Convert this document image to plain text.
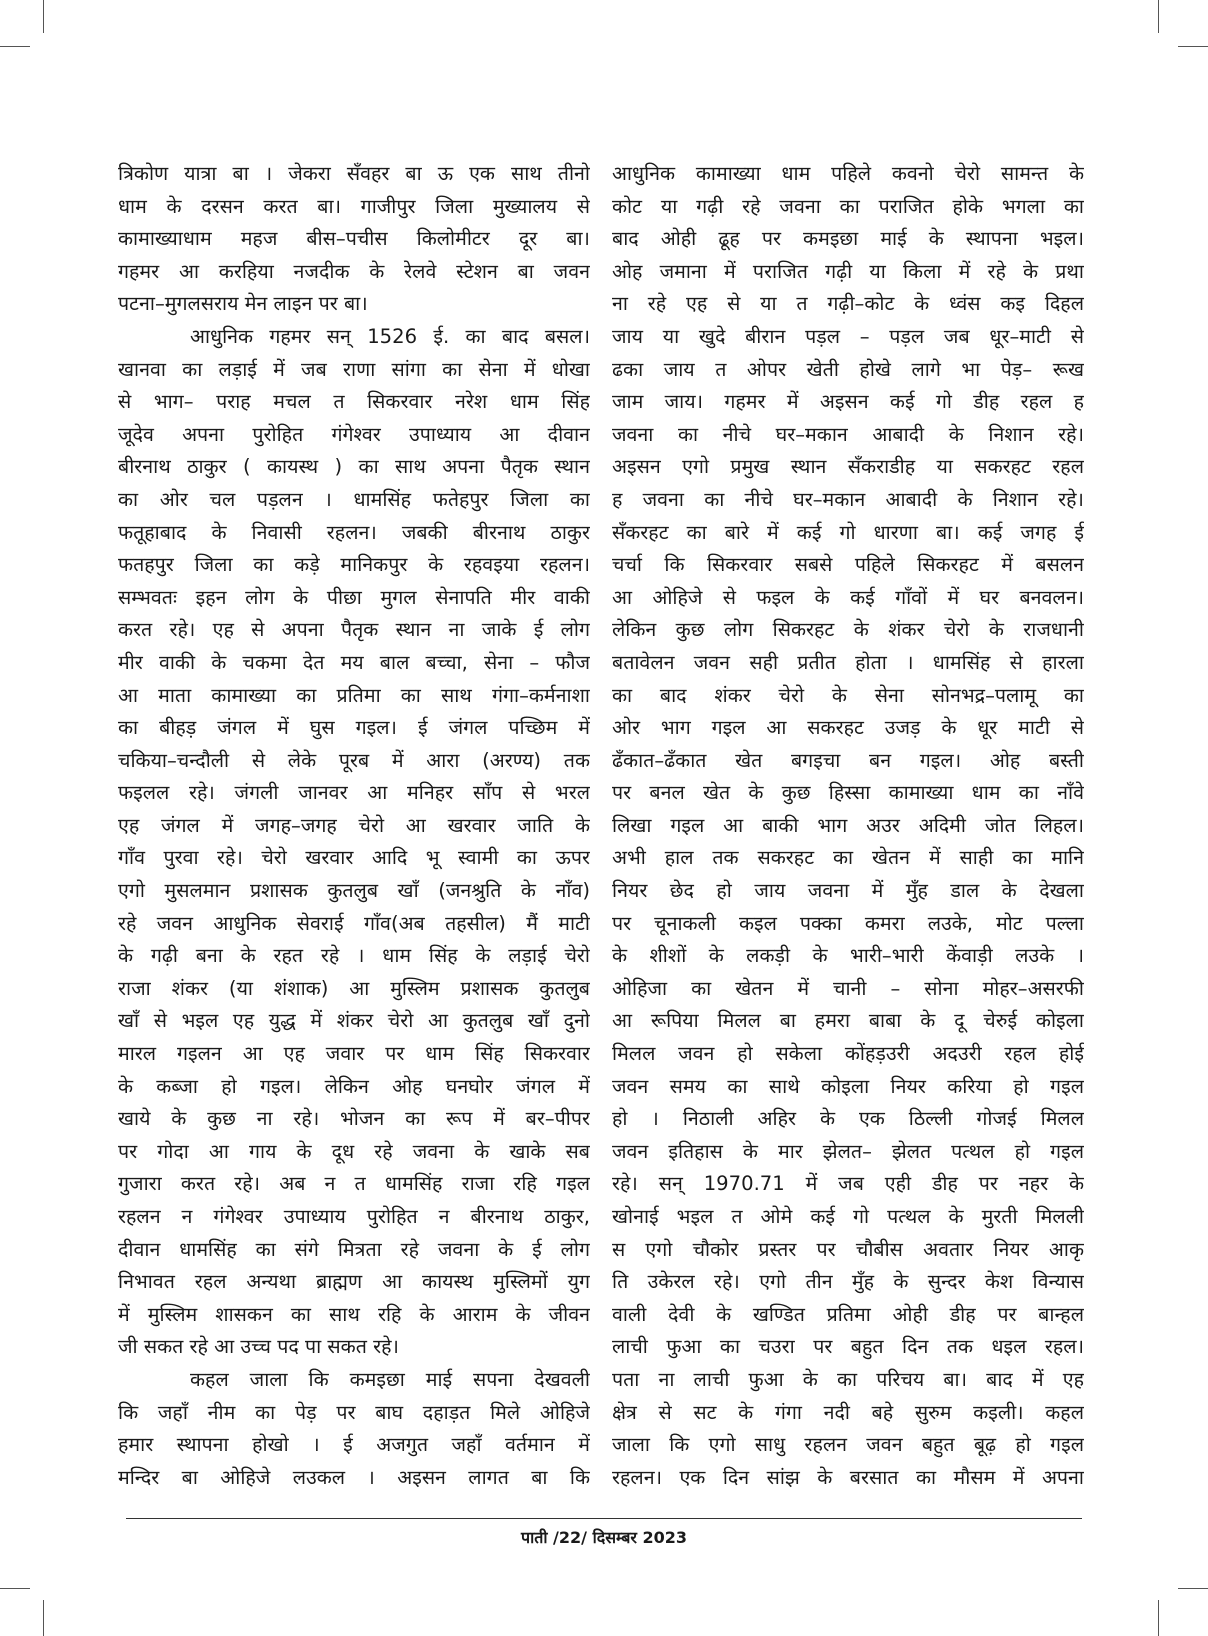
त्रिकोण यात्रा बा । जेकरा सँवहर बा ऊ एक साथ तीनो
धाम के दरसन करत बा। गाजीपुर जिला मुख्यालय से
कामाख्याधाम महज बीस–पचीस किलोमीटर दूर बा।
गहमर आ करहिया नजदीक के रेलवे स्टेशन बा जवन
पटना–मुगलसराय मेन लाइन पर बा।
आधुनिक गहमर सन् 1526 ई. का बाद बसल।
खानवा का लड़ाई में जब राणा सांगा का सेना में धोखा
से भाग– पराह मचल त सिकरवार नरेश धाम सिंह
जूदेव अपना पुरोहित गंगेश्वर उपाध्याय आ दीवान
बीरनाथ ठाकुर ( कायस्थ ) का साथ अपना पैतृक स्थान
का ओर चल पड़लन । धामसिंह फतेहपुर जिला का
फतूहाबाद के निवासी रहलन। जबकी बीरनाथ ठाकुर
फतहपुर जिला का कड़े मानिकपुर के रहवइया रहलन।
सम्भवतः इहन लोग के पीछा मुगल सेनापति मीर वाकी
करत रहे। एह से अपना पैतृक स्थान ना जाके ई लोग
मीर वाकी के चकमा देत मय बाल बच्चा, सेना – फौज
आ माता कामाख्या का प्रतिमा का साथ गंगा–कर्मनाशा
का बीहड़ जंगल में घुस गइल। ई जंगल पच्छिम में
चकिया–चन्दौली से लेके पूरब में आरा (अरण्य) तक
फइलल रहे। जंगली जानवर आ मनिहर साँप से भरल
एह जंगल में जगह–जगह चेरो आ खरवार जाति के
गाँव पुरवा रहे। चेरो खरवार आदि भू स्वामी का ऊपर
एगो मुसलमान प्रशासक कुतलुब खाँ (जनश्रुति के नाँव)
रहे जवन आधुनिक सेवराई गाँव(अब तहसील) मैं माटी
के गढ़ी बना के रहत रहे । धाम सिंह के लड़ाई चेरो
राजा शंकर (या शंशाक) आ मुस्लिम प्रशासक कुतलुब
खाँ से भइल एह युद्ध में शंकर चेरो आ कुतलुब खाँ दुनो
मारल गइलन आ एह जवार पर धाम सिंह सिकरवार
के कब्जा हो गइल। लेकिन ओह घनघोर जंगल में
खाये के कुछ ना रहे। भोजन का रूप में बर–पीपर
पर गोदा आ गाय के दूध रहे जवना के खाके सब
गुजारा करत रहे। अब न त धामसिंह राजा रहि गइल
रहलन न गंगेश्वर उपाध्याय पुरोहित न बीरनाथ ठाकुर,
दीवान धामसिंह का संगे मित्रता रहे जवना के ई लोग
निभावत रहल अन्यथा ब्राह्मण आ कायस्थ मुस्लिमों युग
में मुस्लिम शासकन का साथ रहि के आराम के जीवन
जी सकत रहे आ उच्च पद पा सकत रहे।
कहल जाला कि कमइछा माई सपना देखवली
कि जहाँ नीम का पेड़ पर बाघ दहाड़त मिले ओहिजे
हमार स्थापना होखो । ई अजगुत जहाँ वर्तमान में
मन्दिर बा ओहिजे लउकल । अइसन लागत बा कि
आधुनिक कामाख्या धाम पहिले कवनो चेरो सामन्त के
कोट या गढ़ी रहे जवना का पराजित होके भगला का
बाद ओही ढूह पर कमइछा माई के स्थापना भइल।
ओह जमाना में पराजित गढ़ी या किला में रहे के प्रथा
ना रहे एह से या त गढ़ी–कोट के ध्वंस कइ दिहल
जाय या खुदे बीरान पड़ल – पड़ल जब धूर–माटी से
ढका जाय त ओपर खेती होखे लागे भा पेड़– रूख
जाम जाय। गहमर में अइसन कई गो डीह रहल ह
जवना का नीचे घर–मकान आबादी के निशान रहे।
अइसन एगो प्रमुख स्थान सँकराडीह या सकरहट रहल
ह जवना का नीचे घर–मकान आबादी के निशान रहे।
सँकरहट का बारे में कई गो धारणा बा। कई जगह ई
चर्चा कि सिकरवार सबसे पहिले सिकरहट में बसलन
आ ओहिजे से फइल के कई गाँवों में घर बनवलन।
लेकिन कुछ लोग सिकरहट के शंकर चेरो के राजधानी
बतावेलन जवन सही प्रतीत होता । धामसिंह से हारला
का बाद शंकर चेरो के सेना सोनभद्र–पलामू का
ओर भाग गइल आ सकरहट उजड़ के धूर माटी से
ढँकात–ढँकात खेत बगइचा बन गइल। ओह बस्ती
पर बनल खेत के कुछ हिस्सा कामाख्या धाम का नाँवे
लिखा गइल आ बाकी भाग अउर अदिमी जोत लिहल।
अभी हाल तक सकरहट का खेतन में साही का मानि
नियर छेद हो जाय जवना में मुँह डाल के देखला
पर चूनाकली कइल पक्का कमरा लउके, मोट पल्ला
के शीशों के लकड़ी के भारी–भारी केंवाड़ी लउके ।
ओहिजा का खेतन में चानी – सोना मोहर–असरफी
आ रूपिया मिलल बा हमरा बाबा के दू चेरुई कोइला
मिलल जवन हो सकेला कोंहड़उरी अदउरी रहल होई
जवन समय का साथे कोइला नियर करिया हो गइल
हो । निठाली अहिर के एक ठिल्ली गोजई मिलल
जवन इतिहास के मार झेलत– झेलत पत्थल हो गइल
रहे। सन् 1970.71 में जब एही डीह पर नहर के
खोनाई भइल त ओमे कई गो पत्थल के मुरती मिलली
स एगो चौकोर प्रस्तर पर चौबीस अवतार नियर आकृ
ति उकेरल रहे। एगो तीन मुँह के सुन्दर केश विन्यास
वाली देवी के खण्डित प्रतिमा ओही डीह पर बान्हल
लाची फुआ का चउरा पर बहुत दिन तक धइल रहल।
पता ना लाची फुआ के का परिचय बा। बाद में एह
क्षेत्र से सट के गंगा नदी बहे सुरुम कइली। कहल
जाला कि एगो साधु रहलन जवन बहुत बूढ़ हो गइल
रहलन। एक दिन सांझ के बरसात का मौसम में अपना
पाती /22/ दिसम्बर 2023
